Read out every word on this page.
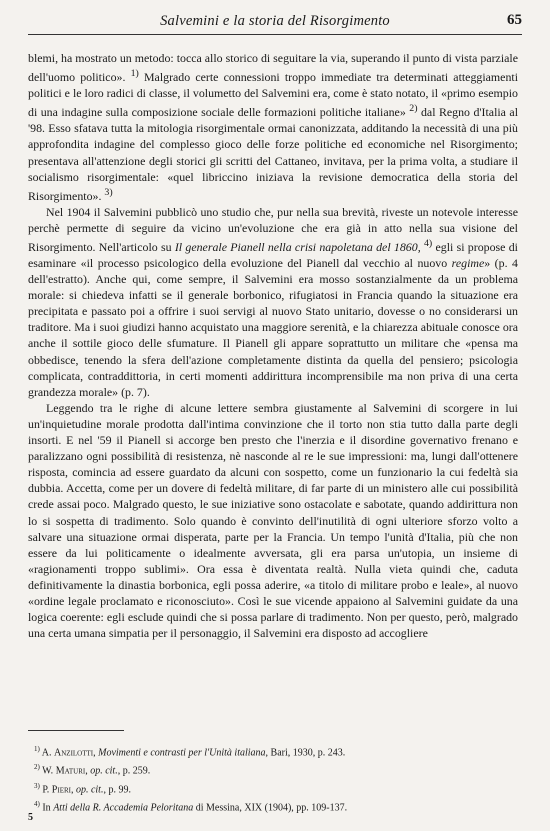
Salvemini e la storia del Risorgimento	65

blemi, ha mostrato un metodo: tocca allo storico di seguitare la via, superando il punto di vista parziale dell'uomo politico». $^{1)}$ Malgrado certe connessioni troppo immediate tra determinati atteggiamenti politici e le loro radici di classe, il volumetto del Salvemini era, come è stato notato, il «primo esempio di una indagine sulla composizione sociale delle formazioni politiche italiane» $^{2)}$ dal Regno d'Italia al '98. Esso sfatava tutta la mitologia risorgimentale ormai canonizzata, additando la necessità di una più approfondita indagine del complesso gioco delle forze politiche ed economiche nel Risorgimento; presentava all'attenzione degli storici gli scritti del Cattaneo, invitava, per la prima volta, a studiare il socialismo risorgimentale: «quel libriccino iniziava la revisione democratica della storia del Risorgimento». $^{3)}$

Nel 1904 il Salvemini pubblicò uno studio che, pur nella sua brevità, riveste un notevole interesse perchè permette di seguire da vicino un'evoluzione che era già in atto nella sua visione del Risorgimento. Nell'articolo su Il generale Pianell nella crisi napoletana del 1860, $^{4)}$ egli si propose di esaminare «il processo psicologico della evoluzione del Pianell dal vecchio al nuovo regime» (p. 4 dell'estratto). Anche qui, come sempre, il Salvemini era mosso sostanzialmente da un problema morale: si chiedeva infatti se il generale borbonico, rifugiatosi in Francia quando la situazione era precipitata e passato poi a offrire i suoi servigi al nuovo Stato unitario, dovesse o no considerarsi un traditore. Ma i suoi giudizi hanno acquistato una maggiore serenità, e la chiarezza abituale conosce ora anche il sottile gioco delle sfumature. Il Pianell gli appare soprattutto un militare che «pensa ma obbedisce, tenendo la sfera dell'azione completamente distinta da quella del pensiero; psicologia complicata, contraddittoria, in certi momenti addirittura incomprensibile ma non priva di una certa grandezza morale» (p. 7).

Leggendo tra le righe di alcune lettere sembra giustamente al Salvemini di scorgere in lui un'inquietudine morale prodotta dall'intima convinzione che il torto non stia tutto dalla parte degli insorti. E nel '59 il Pianell si accorge ben presto che l'inerzia e il disordine governativo frenano e paralizzano ogni possibilità di resistenza, nè nasconde al re le sue impressioni: ma, lungi dall'ottenere risposta, comincia ad essere guardato da alcuni con sospetto, come un funzionario la cui fedeltà sia dubbia. Accetta, come per un dovere di fedeltà militare, di far parte di un ministero alle cui possibilità crede assai poco. Malgrado questo, le sue iniziative sono ostacolate e sabotate, quando addirittura non lo si sospetta di tradimento. Solo quando è convinto dell'inutilità di ogni ulteriore sforzo volto a salvare una situazione ormai disperata, parte per la Francia. Un tempo l'unità d'Italia, più che non essere da lui politicamente o idealmente avversata, gli era parsa un'utopia, un insieme di «ragionamenti troppo sublimi». Ora essa è diventata realtà. Nulla vieta quindi che, caduta definitivamente la dinastia borbonica, egli possa aderire, «a titolo di militare probo e leale», al nuovo «ordine legale proclamato e riconosciuto». Così le sue vicende appaiono al Salvemini guidate da una logica coerente: egli esclude quindi che si possa parlare di tradimento. Non per questo, però, malgrado una certa umana simpatia per il personaggio, il Salvemini era disposto ad accogliere

$^{1)}$ A. Anzilotti, Movimenti e contrasti per l'Unità italiana, Bari, 1930, p. 243.
$^{2)}$ W. Maturi, op. cit., p. 259.
$^{3)}$ P. Pieri, op. cit., p. 99.
$^{4)}$ In Atti della R. Accademia Peloritana di Messina, XIX (1904), pp. 109-137.
5
